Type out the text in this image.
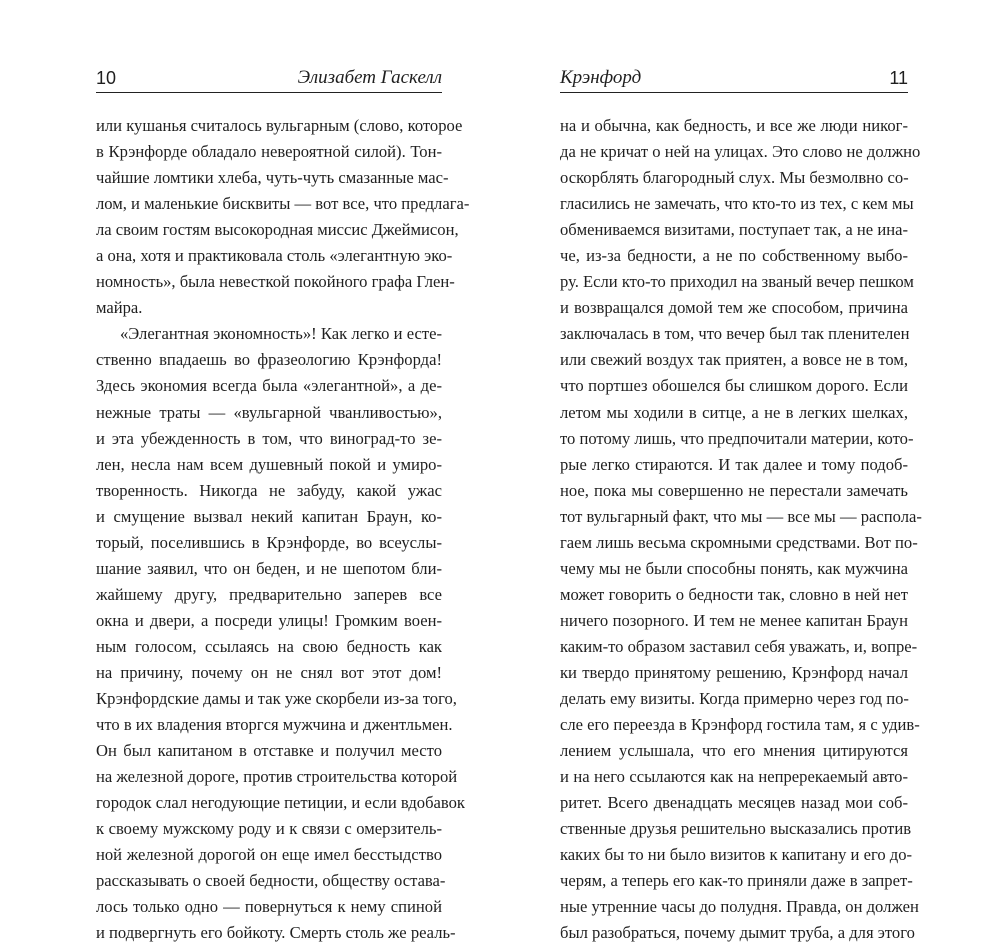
10	Элизабет Гаскелл
или кушанья считалось вульгарным (слово, которое
в Крэнфорде обладало невероятной силой). Тон-
чайшие ломтики хлеба, чуть-чуть смазанные мас-
лом, и маленькие бисквиты — вот все, что предлага-
ла своим гостям высокородная миссис Джеймисон,
а она, хотя и практиковала столь «элегантную эко-
номность», была невесткой покойного графа Глен-
майра.
«Элегантная экономность»! Как легко и есте-
ственно впадаешь во фразеологию Крэнфорда!
Здесь экономия всегда была «элегантной», а де-
нежные траты — «вульгарной чванливостью»,
и эта убежденность в том, что виноград-то зе-
лен, несла нам всем душевный покой и умиро-
творенность. Никогда не забуду, какой ужас
и смущение вызвал некий капитан Браун, ко-
торый, поселившись в Крэнфорде, во всеуслы-
шание заявил, что он беден, и не шепотом бли-
жайшему другу, предварительно заперев все
окна и двери, а посреди улицы! Громким воен-
ным голосом, ссылаясь на свою бедность как
на причину, почему он не снял вот этот дом!
Крэнфордские дамы и так уже скорбели из-за того,
что в их владения вторгся мужчина и джентльмен.
Он был капитаном в отставке и получил место
на железной дороге, против строительства которой
городок слал негодующие петиции, и если вдобавок
к своему мужскому роду и к связи с омерзитель-
ной железной дорогой он еще имел бесстыдство
рассказывать о своей бедности, обществу остава-
лось только одно — повернуться к нему спиной
и подвергнуть его бойкоту. Смерть столь же реаль-
Крэнфорд	11
на и обычна, как бедность, и все же люди никог-
да не кричат о ней на улицах. Это слово не должно
оскорблять благородный слух. Мы безмолвно со-
гласились не замечать, что кто-то из тех, с кем мы
обмениваемся визитами, поступает так, а не ина-
че, из-за бедности, а не по собственному выбо-
ру. Если кто-то приходил на званый вечер пешком
и возвращался домой тем же способом, причина
заключалась в том, что вечер был так пленителен
или свежий воздух так приятен, а вовсе не в том,
что портшез обошелся бы слишком дорого. Если
летом мы ходили в ситце, а не в легких шелках,
то потому лишь, что предпочитали материи, кото-
рые легко стираются. И так далее и тому подоб-
ное, пока мы совершенно не перестали замечать
тот вульгарный факт, что мы — все мы — распола-
гаем лишь весьма скромными средствами. Вот по-
чему мы не были способны понять, как мужчина
может говорить о бедности так, словно в ней нет
ничего позорного. И тем не менее капитан Браун
каким-то образом заставил себя уважать, и, вопре-
ки твердо принятому решению, Крэнфорд начал
делать ему визиты. Когда примерно через год по-
сле его переезда в Крэнфорд гостила там, я с удив-
лением услышала, что его мнения цитируются
и на него ссылаются как на непререкаемый авто-
ритет. Всего двенадцать месяцев назад мои соб-
ственные друзья решительно высказались против
каких бы то ни было визитов к капитану и его до-
черям, а теперь его как-то приняли даже в запрет-
ные утренние часы до полудня. Правда, он должен
был разобраться, почему дымит труба, а для этого
